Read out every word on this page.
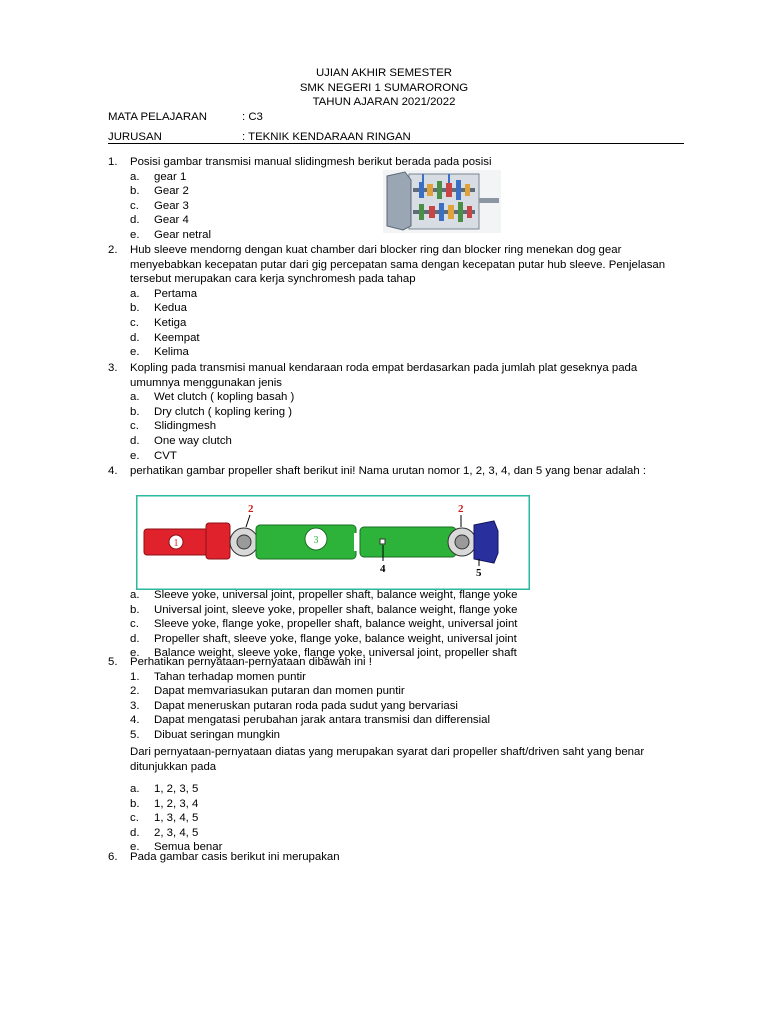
UJIAN AKHIR SEMESTER
SMK NEGERI 1 SUMARORONG
TAHUN AJARAN 2021/2022
MATA PELAJARAN	: C3
JURUSAN	: TEKNIK KENDARAAN RINGAN
1.	Posisi gambar transmisi manual slidingmesh berikut berada pada posisi
a. gear 1
b. Gear 2
c. Gear 3
d. Gear 4
e. Gear netral
2.	Hub sleeve mendorng dengan kuat chamber dari blocker ring dan blocker ring menekan dog gear menyebabkan kecepatan putar dari gig percepatan sama dengan kecepatan putar hub sleeve. Penjelasan tersebut merupakan cara kerja synchromesh pada tahap
a. Pertama
b. Kedua
c. Ketiga
d. Keempat
e. Kelima
3.	Kopling pada transmisi manual kendaraan roda empat berdasarkan pada jumlah plat geseknya pada umumnya menggunakan jenis
a. Wet clutch ( kopling basah )
b. Dry clutch ( kopling kering )
c. Slidingmesh
d. One way clutch
e. CVT
4.	perhatikan gambar propeller shaft berikut ini! Nama urutan nomor 1, 2, 3, 4, dan 5 yang benar adalah :
1	3
2
4	5
2
a. Sleeve yoke, universal joint, propeller shaft, balance weight, flange yoke
b. Universal joint, sleeve yoke, propeller shaft, balance weight, flange yoke
c. Sleeve yoke, flange yoke, propeller shaft, balance weight, universal joint
d. Propeller shaft, sleeve yoke, flange yoke, balance weight, universal joint
e. Balance weight, sleeve yoke, flange yoke, universal joint, propeller shaft
5.	Perhatikan pernyataan-pernyataan dibawah ini !
1. Tahan terhadap momen puntir
2. Dapat memvariasukan putaran dan momen puntir
3. Dapat meneruskan putaran roda pada sudut yang bervariasi
4. Dapat mengatasi perubahan jarak antara transmisi dan differensial
5. Dibuat seringan mungkin
Dari pernyataan-pernyataan diatas yang merupakan syarat dari propeller shaft/driven saht yang benar ditunjukkan pada
a. 1, 2, 3, 5
b. 1, 2, 3, 4
c. 1, 3, 4, 5
d. 2, 3, 4, 5
e. Semua benar
6.	Pada gambar casis berikut ini merupakan
